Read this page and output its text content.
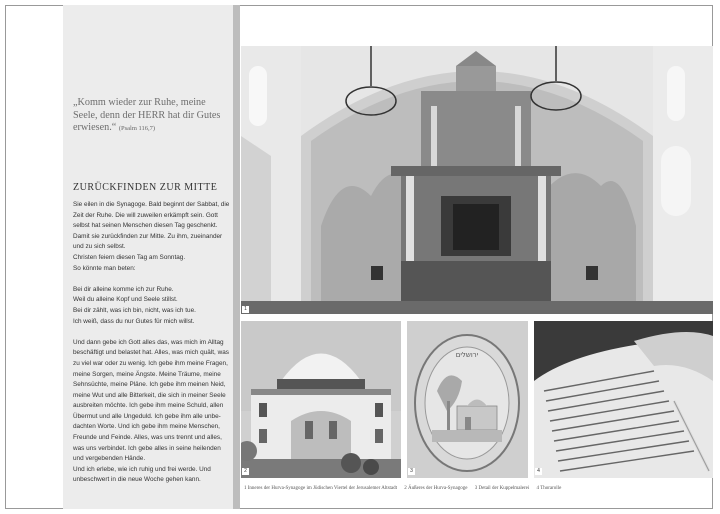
„Komm wieder zur Ruhe, meine Seele, denn der HERR hat dir Gutes erwiesen.“ (Psalm 116,7)
ZURÜCKFINDEN ZUR MITTE

Sie eilen in die Synagoge. Bald beginnt der Sabbat, die
Zeit der Ruhe. Die will zuweilen erkämpft sein. Gott
selbst hat seinen Menschen diesen Tag geschenkt.
Damit sie zurückfinden zur Mitte. Zu ihm, zueinander
und zu sich selbst.
Christen feiern diesen Tag am Sonntag.
So könnte man beten:

Bei dir alleine komme ich zur Ruhe.
Weil du alleine Kopf und Seele stillst.
Bei dir zählt, was ich bin, nicht, was ich tue.
Ich weiß, dass du nur Gutes für mich willst.

Und dann gebe ich Gott alles das, was mich im Alltag
beschäftigt und belastet hat. Alles, was mich quält, was
zu viel war oder zu wenig. Ich gebe ihm meine Fragen,
meine Sorgen, meine Ängste. Meine Träume, meine
Sehnsüchte, meine Pläne. Ich gebe ihm meinen Neid,
meine Wut und alle Bitterkeit, die sich in meiner Seele
ausbreiten möchte. Ich gebe ihm meine Schuld, allen
Übermut und alle Ungeduld. Ich gebe ihm alle unbe-
dachten Worte. Und ich gebe ihm meine Menschen,
Freunde und Feinde. Alles, was uns trennt und alles,
was uns verbindet. Ich gebe alles in seine heilenden
und vergebenden Hände.
Und ich erlebe, wie ich ruhig und frei werde. Und
unbeschwert in die neue Woche gehen kann.

1
2
ירושלים
3	4
1 Inneres der Hurva-Synagoge im Jüdischen Viertel der Jerusalemer Altstadt 2 Äußeres der Hurva-Synagoge 3 Detail der Kuppelmalerei 4 Thorarolle
